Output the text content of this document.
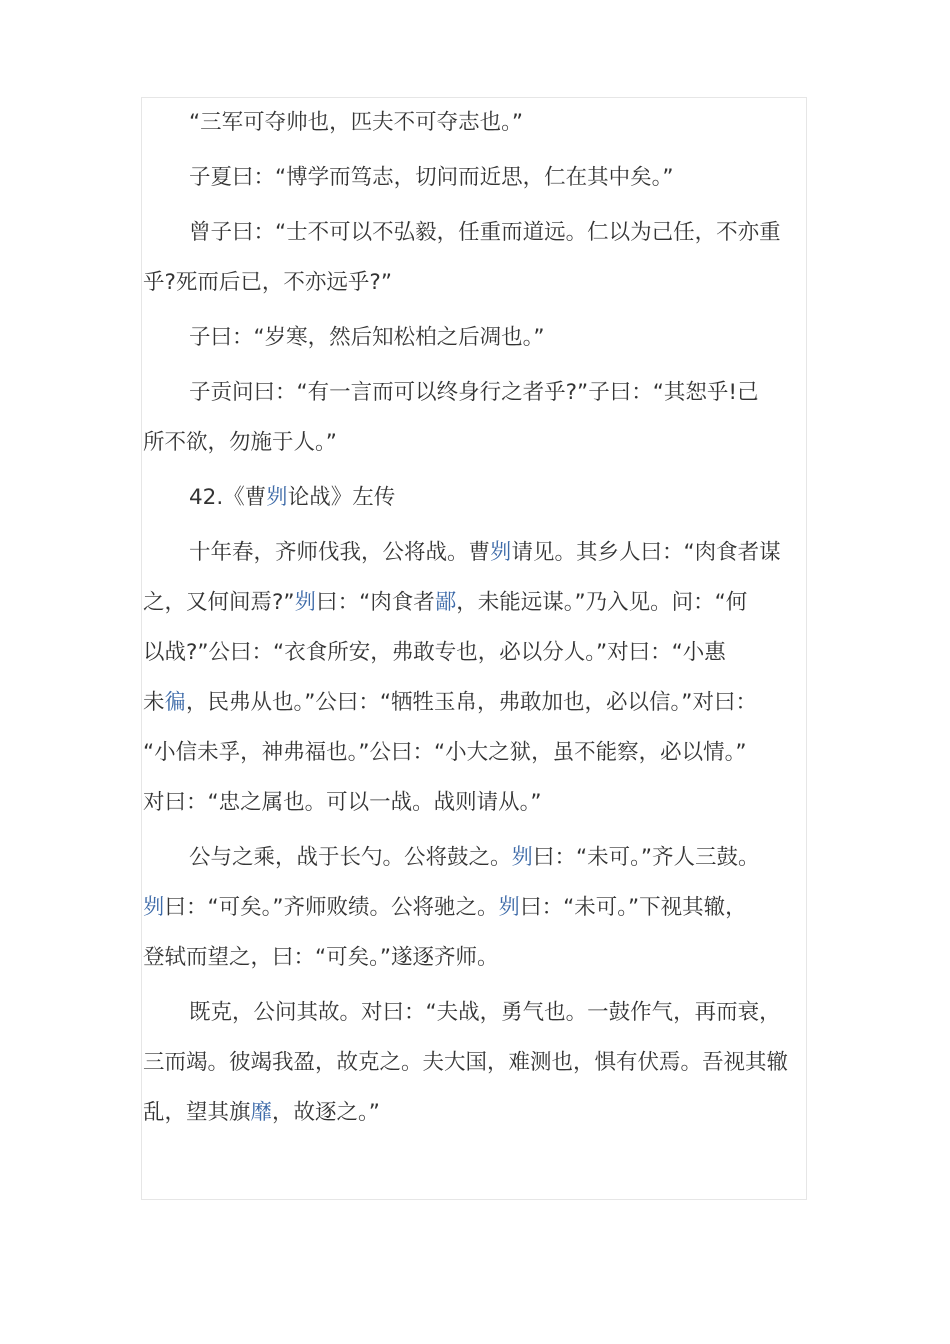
“三军可夺帅也，匹夫不可夺志也。”
子夏曰：“博学而笃志，切问而近思，仁在其中矣。”
曾子曰：“士不可以不弘毅，任重而道远。仁以为己任，不亦重
乎?死而后已，不亦远乎?”
子曰：“岁寒，然后知松柏之后凋也。”
子贡问曰：“有一言而可以终身行之者乎?”子曰：“其恕乎!己
所不欲，勿施于人。”
42.《曹刿论战》左传
十年春，齐师伐我，公将战。曹刿请见。其乡人曰：“肉食者谋
之，又何间焉?”刿曰：“肉食者鄙，未能远谋。”乃入见。问：“何
以战?”公曰：“衣食所安，弗敢专也，必以分人。”对曰：“小惠
未徧，民弗从也。”公曰：“牺牲玉帛，弗敢加也，必以信。”对曰：
“小信未孚，神弗福也。”公曰：“小大之狱，虽不能察，必以情。”
对曰：“忠之属也。可以一战。战则请从。”
公与之乘，战于长勺。公将鼓之。刿曰：“未可。”齐人三鼓。
刿曰：“可矣。”齐师败绩。公将驰之。刿曰：“未可。”下视其辙，
登轼而望之，曰：“可矣。”遂逐齐师。
既克，公问其故。对曰：“夫战，勇气也。一鼓作气，再而衰，
三而竭。彼竭我盈，故克之。夫大国，难测也，惧有伏焉。吾视其辙
乱，望其旗靡，故逐之。”
